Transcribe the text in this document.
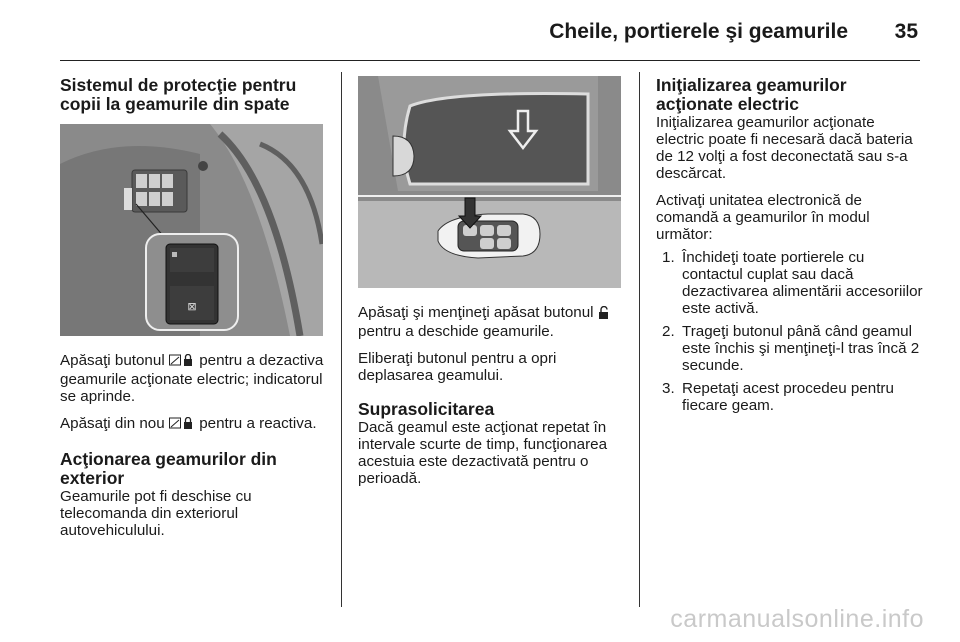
Cheile, portierele şi geamurile 35
Sistemul de protecţie pentru copii la geamurile din spate
⊠

Apăsaţi butonul pentru a dezactiva geamurile acţionate electric; indicatorul se aprinde.

Apăsaţi din nou pentru a reactiva.

Acţionarea geamurilor din exterior

Geamurile pot fi deschise cu telecomanda din exteriorul autovehiculului.

Apăsaţi şi menţineţi apăsat butonul  pentru a deschide geamurile.

Eliberaţi butonul pentru a opri deplasarea geamului.

Suprasolicitarea

Dacă geamul este acţionat repetat în intervale scurte de timp, funcţionarea acestuia este dezactivată pentru o perioadă.

Iniţializarea geamurilor acţionate electric

Iniţializarea geamurilor acţionate electric poate fi necesară dacă bateria de 12 volţi a fost deconectată sau s-a descărcat.

Activaţi unitatea electronică de comandă a geamurilor în modul următor:

1. Închideţi toate portierele cu contactul cuplat sau dacă dezactivarea alimentării accesoriilor este activă.
2. Trageţi butonul până când geamul este închis şi menţineţi-l tras încă 2 secunde.
3. Repetaţi acest procedeu pentru fiecare geam.
carmanualsonline.info
